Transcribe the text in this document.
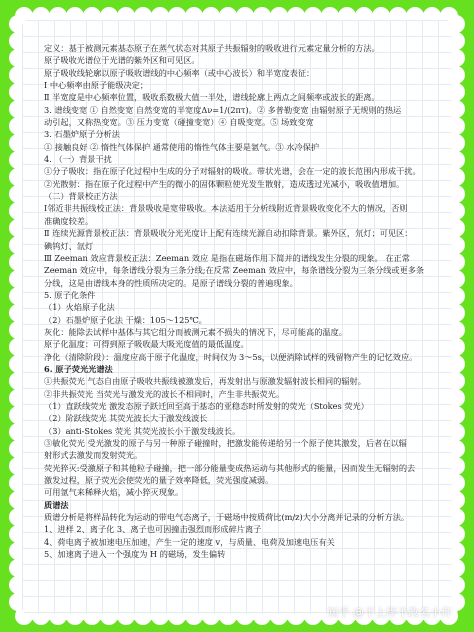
定义：基于被测元素基态原子在蒸气状态对其原子共振辐射的吸收进行元素定量分析的方法。
原子吸收光谱位于光谱的紫外区和可见区。
原子吸收线轮廓以原子吸收谱线的中心频率（或中心波长）和半宽度表征：
Ⅰ 中心频率由原子能级决定；
Ⅱ 半宽度是中心频率位置，吸收系数极大值一半处，谱线轮廓上两点之间频率或波长的距离。
3. 谱线变宽 ① 自然变宽 自然变宽的半宽度Δν=1/(2πτ)。② 多普勒变宽 由辐射原子无规则的热运
动引起，又称热变宽。③ 压力变宽（碰撞变宽）④ 自吸变宽。⑤ 场致变宽
3. 石墨炉原子分析法
① 接触良好 ② 惰性气体保护 通常使用的惰性气体主要是氩气。③ 水冷保护
4. （一）背景干扰
①分子吸收：指在原子化过程中生成的分子对辐射的吸收。带状光谱，会在一定的波长范围内形成干扰。
②光散射：指在原子化过程中产生的微小的固体颗粒使光发生散射，造成透过光减小，吸收值增加。
（二）背景校正方法
Ⅰ邻近非共振线校正法：背景吸收是宽带吸收。本法适用于分析线附近背景吸收变化不大的情况，否则
准确度较差。
Ⅱ 连续光源背景校正法：背景吸收分光光度计上配有连续光源自动扣除背景。紫外区，氘灯；可见区：
碘钨灯、氙灯
Ⅲ Zeeman 效应背景校正法：Zeeman 效应 是指在磁场作用下简并的谱线发生分裂的现象。 在正常
Zeeman 效应中，每条谱线分裂为三条分线;在反常 Zeeman 效应中，每条谱线分裂为三条分线或更多条
分线，这是由谱线本身的性质所决定的。是原子谱线分裂的普遍现象。
5. 原子化条件
（1）火焰原子化法
（2）石墨炉原子化法 干燥：105～125℃。
灰化：能除去试样中基体与其它组分而被测元素不损失的情况下，尽可能高的温度。
原子化温度：可得到原子吸收最大吸光度值的最低温度。
净化（清除阶段）：温度应高于原子化温度，时间仅为 3～5s，以便消除试样的残留物产生的记忆效应。
6. 原子荧光光谱法
①共振荧光 气态自由原子吸收共振线被激发后，再发射出与原激发辐射波长相同的辐射。
②非共振荧光 当荧光与激发光的波长不相同时，产生非共振荧光。
（1）直跃线荧光 激发态原子跃迁回至高于基态的亚稳态时所发射的荧光（Stokes 荧光）
（2）阶跃线荧光 其荧光波长大于激发线波长
（3）anti-Stokes 荧光 其荧光波长小于激发线波长。
③敏化荧光 受光激发的原子与另一种原子碰撞时，把激发能传递给另一个原子使其激发，后者在以辐
射形式去激发而发射荧光。
荧光猝灭:受激原子和其他粒子碰撞，把一部分能量变成热运动与其他形式的能量，因而发生无辐射的去
激发过程，原子荧光会使荧光的量子效率降低，荧光强度减弱。
可用氩气来稀释火焰，减小猝灭现象。
质谱法
质谱分析是将样品转化为运动的带电气态离子，于磁场中按质荷比(m/z)大小分离并记录的分析方法。
1、进样 2、离子化 3、离子也可因撞击强烈而形成碎片离子
4、荷电离子被加速电压加速，产生一定的速度 v，与质量、电荷及加速电压有关
5、加速离子进入一个强度为 H 的磁场，发生偏转
知乎 @不上岸不改名小许
